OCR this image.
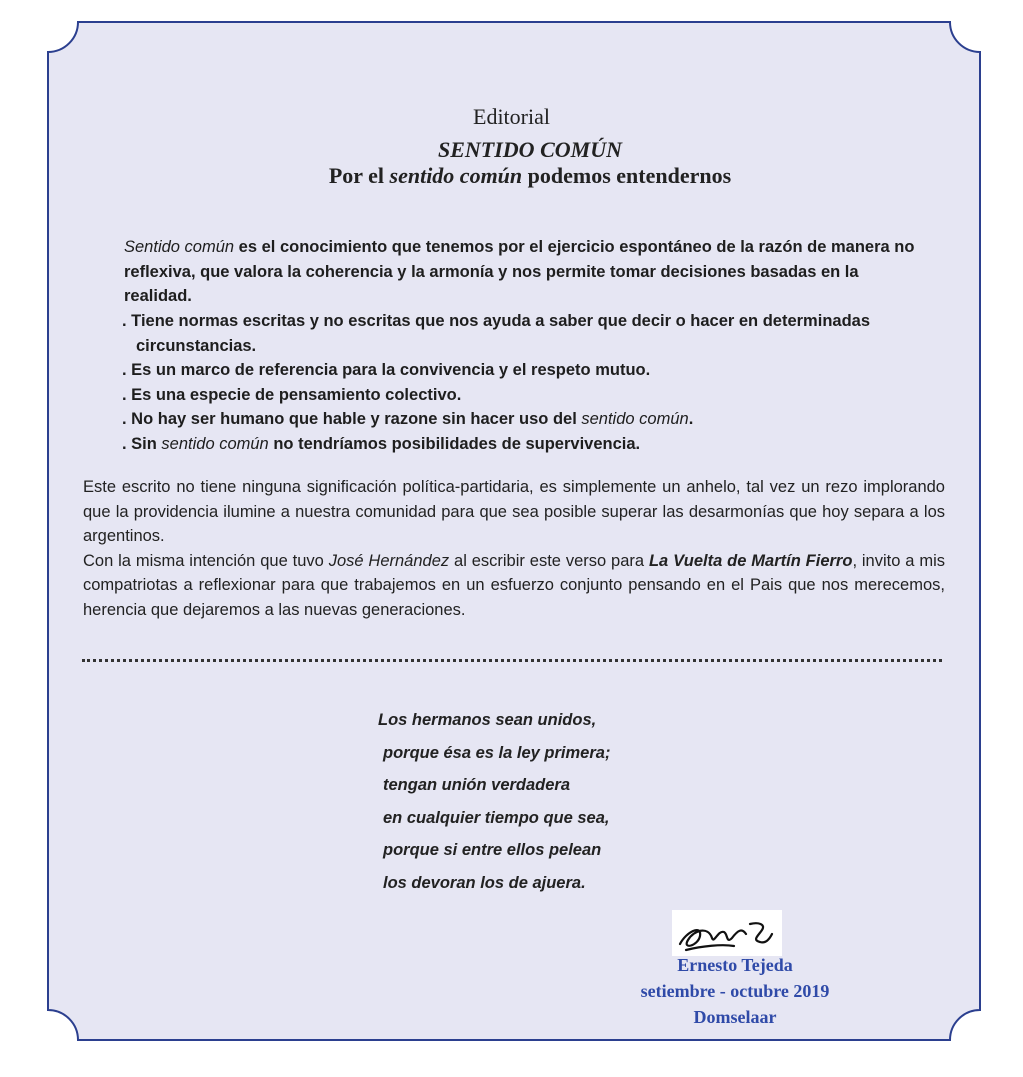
Editorial
SENTIDO COMÚN
Por el sentido común podemos entendernos
Sentido común es el conocimiento que tenemos por el ejercicio espontáneo de la razón de manera no reflexiva, que valora la coherencia y la armonía y nos permite tomar decisiones basadas en la realidad.
. Tiene normas escritas y no escritas que nos ayuda a saber que decir o hacer en determinadas circunstancias.
. Es un marco de referencia para la convivencia y el respeto mutuo.
. Es una especie de pensamiento colectivo.
. No hay ser humano que hable y razone sin hacer uso del sentido común.
. Sin sentido común no tendríamos posibilidades de supervivencia.

Este escrito no tiene ninguna significación política-partidaria, es simplemente un anhelo, tal vez un rezo implorando que la providencia ilumine a nuestra comunidad para que sea posible superar las desarmonías que hoy separa a los argentinos.

Con la misma intención que tuvo José Hernández al escribir este verso para La Vuelta de Martín Fierro, invito a mis compatriotas a reflexionar para que trabajemos en un esfuerzo conjunto pensando en el Pais que nos merecemos, herencia que dejaremos a las nuevas generaciones.

Los hermanos sean unidos,
porque ésa es la ley primera;
tengan unión verdadera
en cualquier tiempo que sea,
porque si entre ellos pelean
los devoran los de ajuera.
Ernesto Tejeda
setiembre - octubre 2019
Domselaar
